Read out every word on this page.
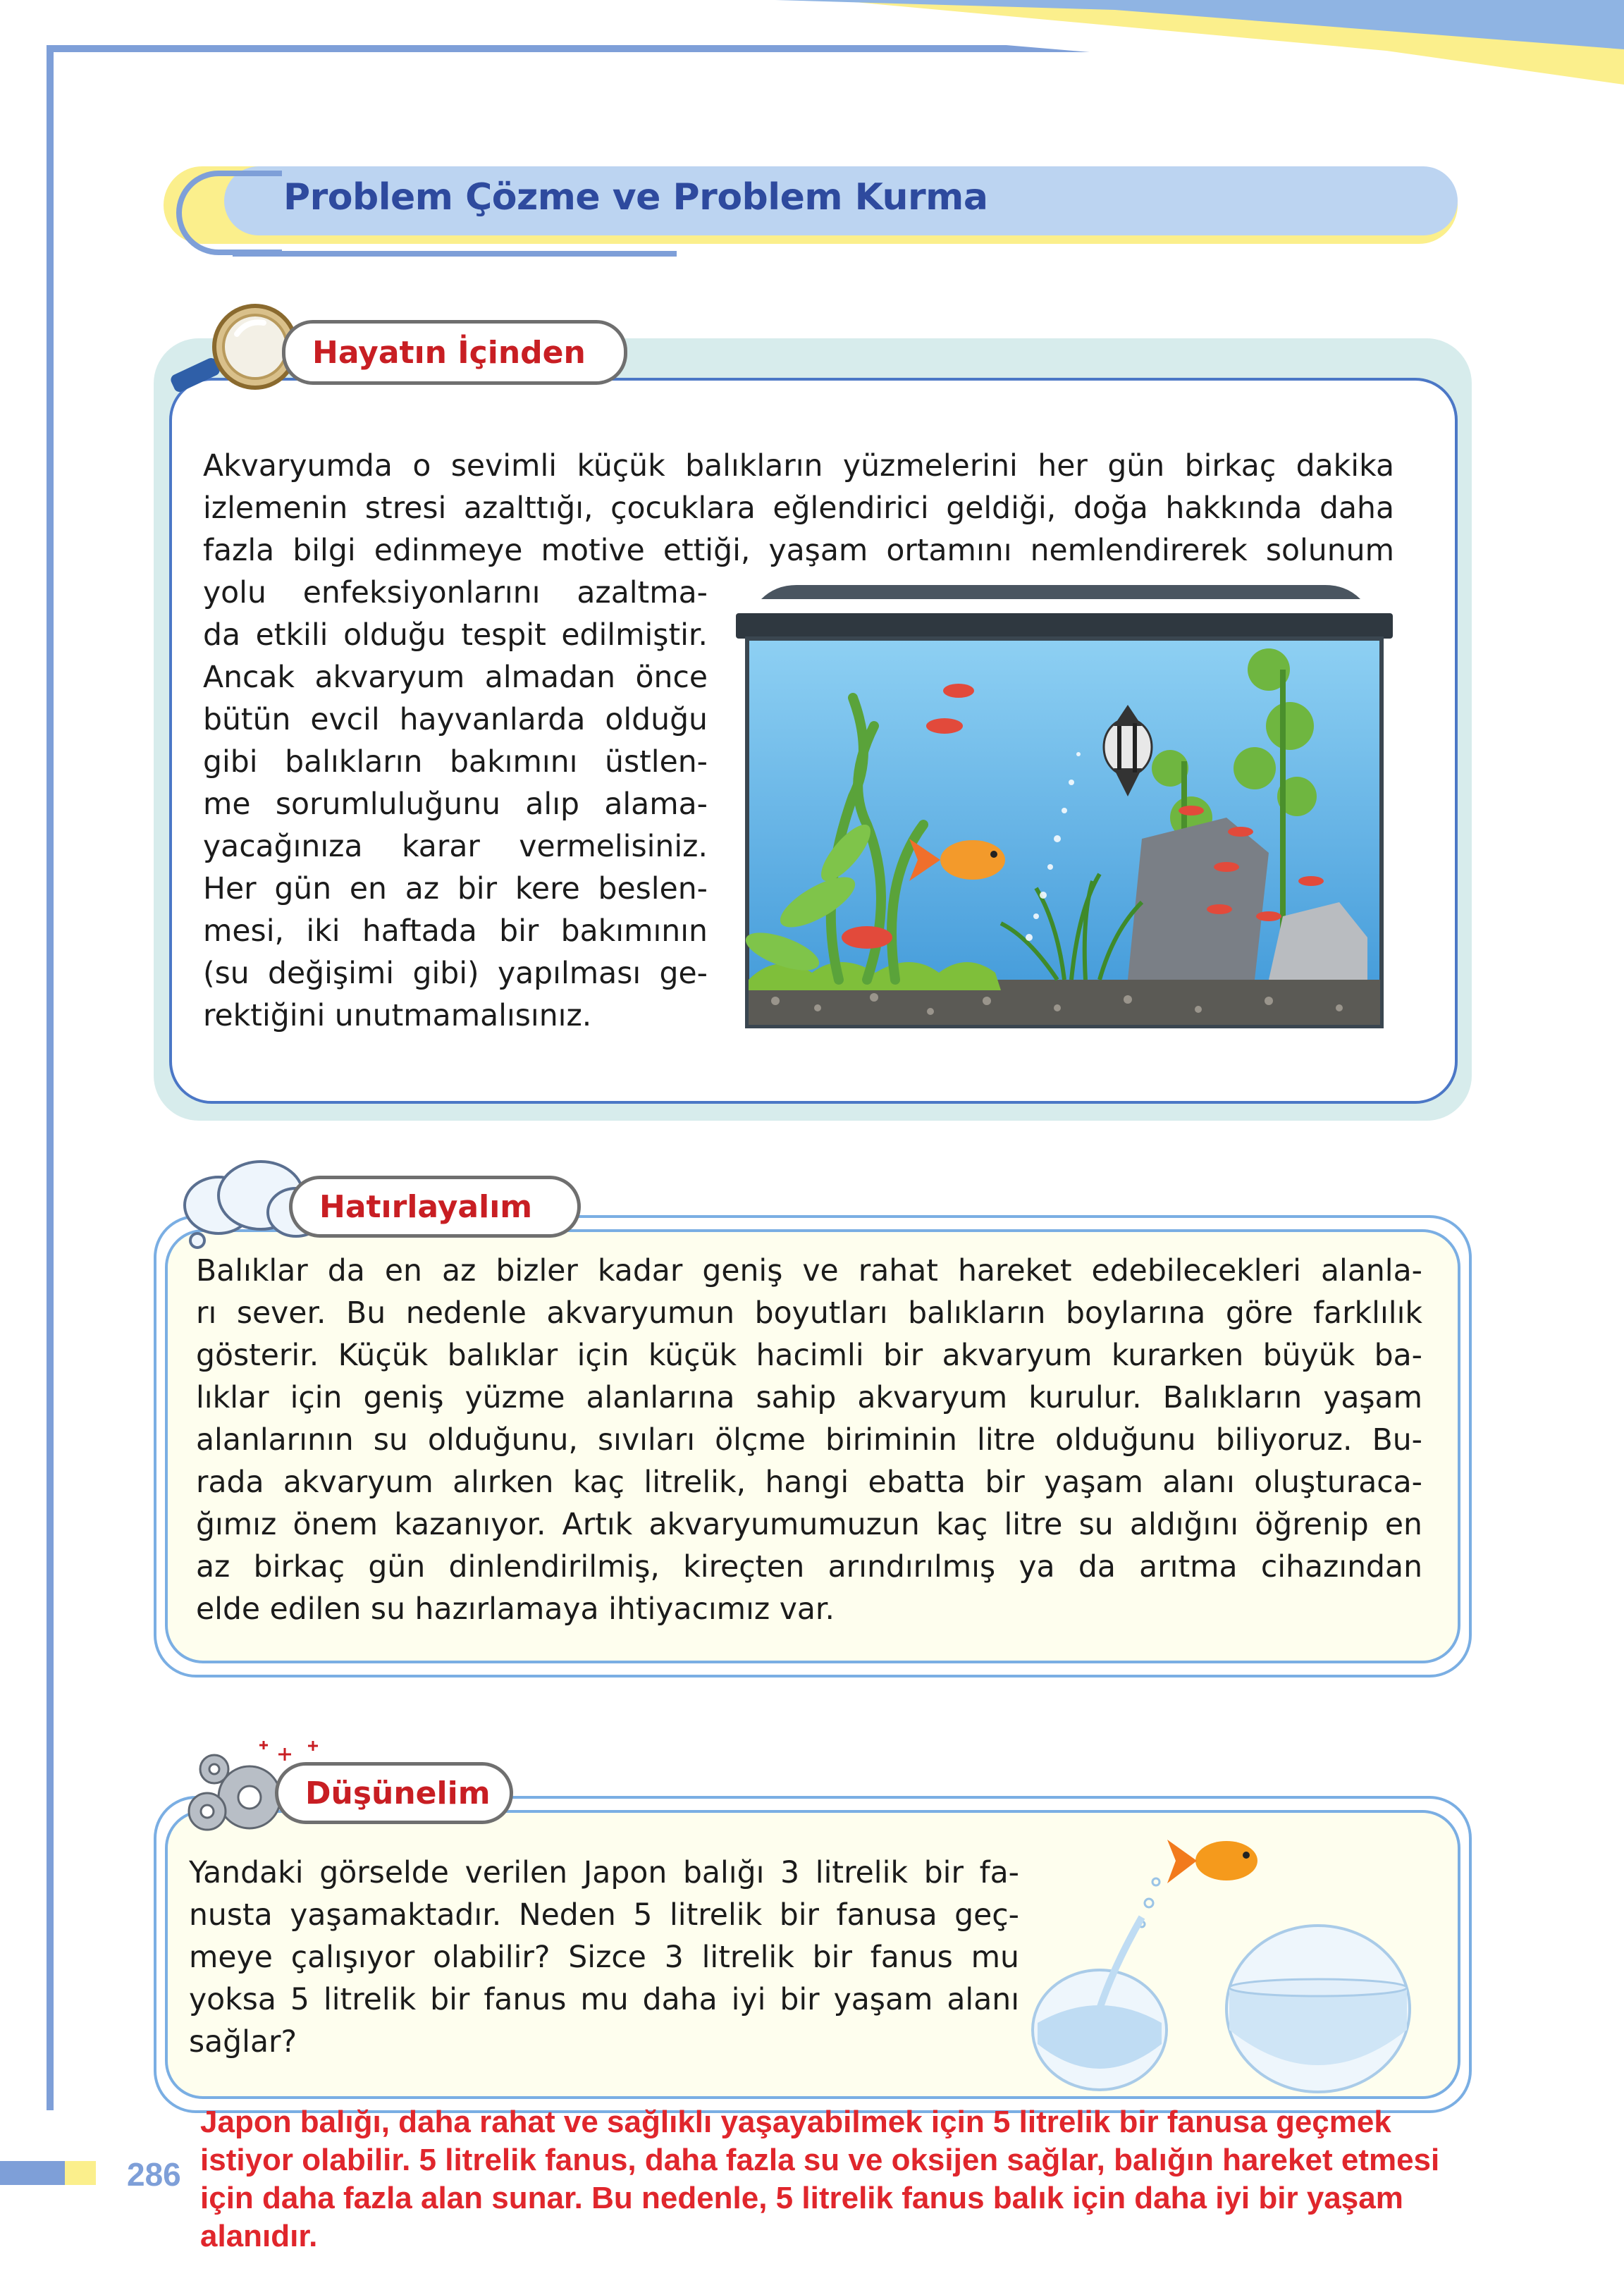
Problem Çözme ve Problem Kurma
Hayatın İçinden
Akvaryumda o sevimli küçük balıkların yüzmelerini her gün birkaç dakika
izlemenin stresi azalttığı, çocuklara eğlendirici geldiği, doğa hakkında daha
fazla bilgi edinmeye motive ettiği, yaşam ortamını nemlendirerek solunum
yolu enfeksiyonlarını azaltma-
da etkili olduğu tespit edilmiştir.
Ancak akvaryum almadan önce
bütün evcil hayvanlarda olduğu
gibi balıkların bakımını üstlen-
me sorumluluğunu alıp alama-
yacağınıza karar vermelisiniz.
Her gün en az bir kere beslen-
mesi, iki haftada bir bakımının
(su değişimi gibi) yapılması ge-
rektiğini unutmamalısınız.
Hatırlayalım
Balıklar da en az bizler kadar geniş ve rahat hareket edebilecekleri alanla-
rı sever. Bu nedenle akvaryumun boyutları balıkların boylarına göre farklılık
gösterir. Küçük balıklar için küçük hacimli bir akvaryum kurarken büyük ba-
lıklar için geniş yüzme alanlarına sahip akvaryum kurulur. Balıkların yaşam
alanlarının su olduğunu, sıvıları ölçme biriminin litre olduğunu biliyoruz. Bu-
rada akvaryum alırken kaç litrelik, hangi ebatta bir yaşam alanı oluşturaca-
ğımız önem kazanıyor. Artık akvaryumumuzun kaç litre su aldığını öğrenip en
az birkaç gün dinlendirilmiş, kireçten arındırılmış ya da arıtma cihazından
elde edilen su hazırlamaya ihtiyacımız var.
Düşünelim
Yandaki görselde verilen Japon balığı 3 litrelik bir fa-
nusta yaşamaktadır. Neden 5 litrelik bir fanusa geç-
meye çalışıyor olabilir? Sizce 3 litrelik bir fanus mu
yoksa 5 litrelik bir fanus mu daha iyi bir yaşam alanı
sağlar?
Japon balığı, daha rahat ve sağlıklı yaşayabilmek için 5 litrelik bir fanusa geçmek
istiyor olabilir. 5 litrelik fanus, daha fazla su ve oksijen sağlar, balığın hareket etmesi
için daha fazla alan sunar. Bu nedenle, 5 litrelik fanus balık için daha iyi bir yaşam
alanıdır.
286
